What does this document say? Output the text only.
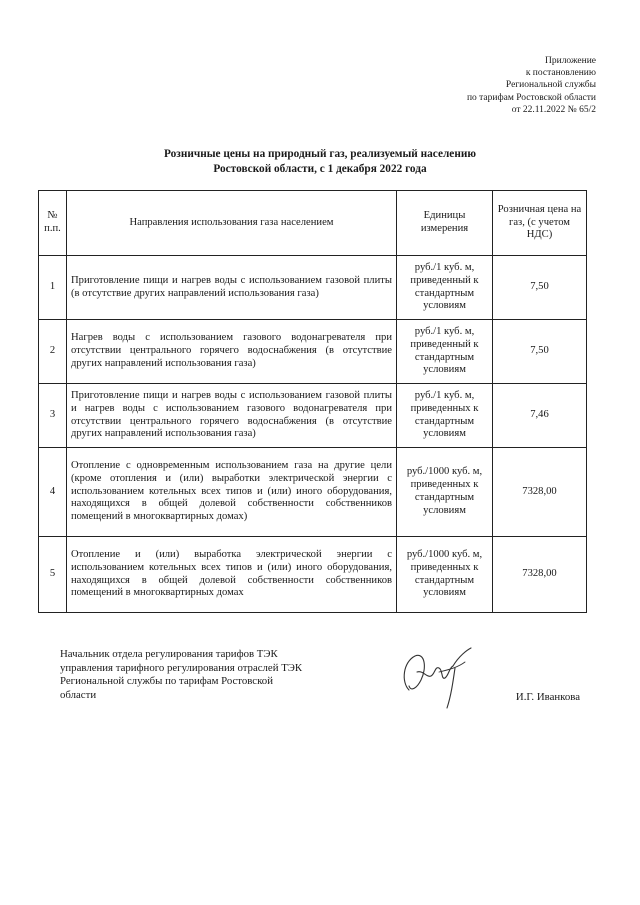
Приложение
к постановлению
Региональной службы
по тарифам Ростовской области
от 22.11.2022 № 65/2
Розничные цены на природный газ, реализуемый населению
Ростовской области, с 1 декабря 2022 года
№ п.п.	Направления использования газа населением	Единицы измерения	Розничная цена на газ, (с учетом НДС)
1	Приготовление пищи и нагрев воды с использованием газовой плиты (в отсутствие других направлений использования газа)	руб./1 куб. м, приведенный к стандартным условиям	7,50
2	Нагрев воды с использованием газового водонагревателя при отсутствии центрального горячего водоснабжения (в отсутствие других направлений использования газа)	руб./1 куб. м, приведенный к стандартным условиям	7,50
3	Приготовление пищи и нагрев воды с использованием газовой плиты и нагрев воды с использованием газового водонагревателя при отсутствии центрального горячего водоснабжения (в отсутствие других направлений использования газа)	руб./1 куб. м, приведенных к стандартным условиям	7,46
4	Отопление с одновременным использованием газа на другие цели (кроме отопления и (или) выработки электрической энергии с использованием котельных всех типов и (или) иного оборудования, находящихся в общей долевой собственности собственников помещений в многоквартирных домах)	руб./1000 куб. м, приведенных к стандартным условиям	7328,00
5	Отопление и (или) выработка электрической энергии с использованием котельных всех типов и (или) иного оборудования, находящихся в общей долевой собственности собственников помещений в многоквартирных домах	руб./1000 куб. м, приведенных к стандартным условиям	7328,00
Начальник отдела регулирования тарифов ТЭК
управления тарифного регулирования отраслей ТЭК
Региональной службы по тарифам Ростовской
области	И.Г. Иванкова
